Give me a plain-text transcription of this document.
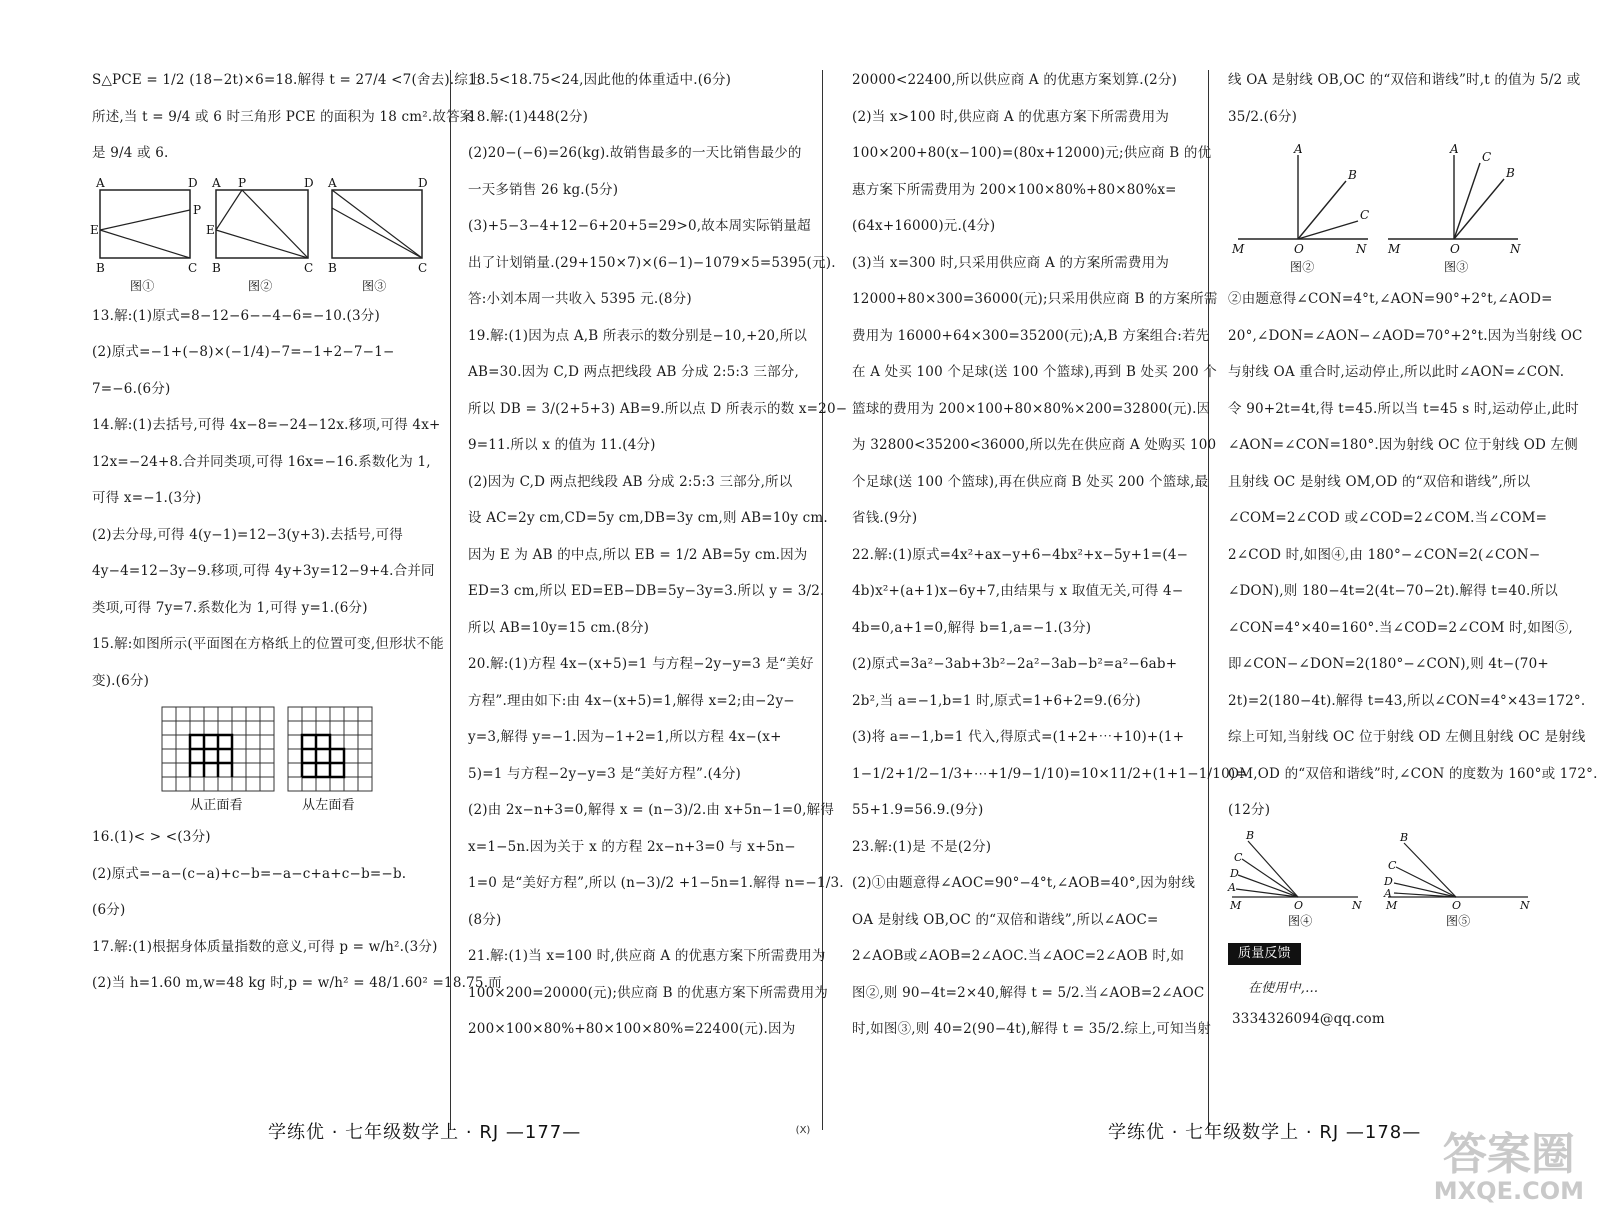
S△PCE = 1/2 (18−2t)×6=18.解得 t = 27/4 <7(舍去).综上

所述,当 t = 9/4 或 6 时三角形 PCE 的面积为 18 cm².故答案

是 9/4 或 6.

A	D
E
P
B	C
图①
A P	D
E
B	C
图②
A	D
B	C
图③

13.解:(1)原式=8−12−6−−4−6=−10.(3分)

(2)原式=−1+(−8)×(−1/4)−7=−1+2−7−1−

7=−6.(6分)

14.解:(1)去括号,可得 4x−8=−24−12x.移项,可得 4x+

12x=−24+8.合并同类项,可得 16x=−16.系数化为 1,

可得 x=−1.(3分)

(2)去分母,可得 4(y−1)=12−3(y+3).去括号,可得

4y−4=12−3y−9.移项,可得 4y+3y=12−9+4.合并同

类项,可得 7y=7.系数化为 1,可得 y=1.(6分)

15.解:如图所示(平面图在方格纸上的位置可变,但形状不能

变).(6分)

从正面看	从左面看

16.(1)< > <(3分)

(2)原式=−a−(c−a)+c−b=−a−c+a+c−b=−b.

(6分)

17.解:(1)根据身体质量指数的意义,可得 p = w/h².(3分)

(2)当 h=1.60 m,w=48 kg 时,p = w/h² = 48/1.60² =18.75.而

18.5<18.75<24,因此他的体重适中.(6分)

18.解:(1)448(2分)

(2)20−(−6)=26(kg).故销售最多的一天比销售最少的

一天多销售 26 kg.(5分)

(3)+5−3−4+12−6+20+5=29>0,故本周实际销量超

出了计划销量.(29+150×7)×(6−1)−1079×5=5395(元).

答:小刘本周一共收入 5395 元.(8分)

19.解:(1)因为点 A,B 所表示的数分别是−10,+20,所以

AB=30.因为 C,D 两点把线段 AB 分成 2:5:3 三部分,

所以 DB = 3/(2+5+3) AB=9.所以点 D 所表示的数 x=20−

9=11.所以 x 的值为 11.(4分)

(2)因为 C,D 两点把线段 AB 分成 2:5:3 三部分,所以

设 AC=2y cm,CD=5y cm,DB=3y cm,则 AB=10y cm.

因为 E 为 AB 的中点,所以 EB = 1/2 AB=5y cm.因为

ED=3 cm,所以 ED=EB−DB=5y−3y=3.所以 y = 3/2.

所以 AB=10y=15 cm.(8分)

20.解:(1)方程 4x−(x+5)=1 与方程−2y−y=3 是“美好

方程”.理由如下:由 4x−(x+5)=1,解得 x=2;由−2y−

y=3,解得 y=−1.因为−1+2=1,所以方程 4x−(x+

5)=1 与方程−2y−y=3 是“美好方程”.(4分)

(2)由 2x−n+3=0,解得 x = (n−3)/2.由 x+5n−1=0,解得

x=1−5n.因为关于 x 的方程 2x−n+3=0 与 x+5n−

1=0 是“美好方程”,所以 (n−3)/2 +1−5n=1.解得 n=−1/3.

(8分)

21.解:(1)当 x=100 时,供应商 A 的优惠方案下所需费用为

100×200=20000(元);供应商 B 的优惠方案下所需费用为

200×100×80%+80×100×80%=22400(元).因为

20000<22400,所以供应商 A 的优惠方案划算.(2分)

(2)当 x>100 时,供应商 A 的优惠方案下所需费用为

100×200+80(x−100)=(80x+12000)元;供应商 B 的优

惠方案下所需费用为 200×100×80%+80×80%x=

(64x+16000)元.(4分)

(3)当 x=300 时,只采用供应商 A 的方案所需费用为

12000+80×300=36000(元);只采用供应商 B 的方案所需

费用为 16000+64×300=35200(元);A,B 方案组合:若先

在 A 处买 100 个足球(送 100 个篮球),再到 B 处买 200 个

篮球的费用为 200×100+80×80%×200=32800(元).因

为 32800<35200<36000,所以先在供应商 A 处购买 100

个足球(送 100 个篮球),再在供应商 B 处买 200 个篮球,最

省钱.(9分)

22.解:(1)原式=4x²+ax−y+6−4bx²+x−5y+1=(4−

4b)x²+(a+1)x−6y+7,由结果与 x 取值无关,可得 4−

4b=0,a+1=0,解得 b=1,a=−1.(3分)

(2)原式=3a²−3ab+3b²−2a²−3ab−b²=a²−6ab+

2b²,当 a=−1,b=1 时,原式=1+6+2=9.(6分)

(3)将 a=−1,b=1 代入,得原式=(1+2+⋯+10)+(1+

1−1/2+1/2−1/3+⋯+1/9−1/10)=10×11/2+(1+1−1/10)=

55+1.9=56.9.(9分)

23.解:(1)是 不是(2分)

(2)①由题意得∠AOC=90°−4°t,∠AOB=40°,因为射线

OA 是射线 OB,OC 的“双倍和谐线”,所以∠AOC=

2∠AOB或∠AOB=2∠AOC.当∠AOC=2∠AOB 时,如

图②,则 90−4t=2×40,解得 t = 5/2.当∠AOB=2∠AOC

时,如图③,则 40=2(90−4t),解得 t = 35/2.综上,可知当射

线 OA 是射线 OB,OC 的“双倍和谐线”时,t 的值为 5/2 或

35/2.(6分)

M	O	N
A
B
C
M	O	N
A
C
B
图②	图③

②由题意得∠CON=4°t,∠AON=90°+2°t,∠AOD=

20°,∠DON=∠AON−∠AOD=70°+2°t.因为当射线 OC

与射线 OA 重合时,运动停止,所以此时∠AON=∠CON.

令 90+2t=4t,得 t=45.所以当 t=45 s 时,运动停止,此时

∠AON=∠CON=180°.因为射线 OC 位于射线 OD 左侧

且射线 OC 是射线 OM,OD 的“双倍和谐线”,所以

∠COM=2∠COD 或∠COD=2∠COM.当∠COM=

2∠COD 时,如图④,由 180°−∠CON=2(∠CON−

∠DON),则 180−4t=2(4t−70−2t).解得 t=40.所以

∠CON=4°×40=160°.当∠COD=2∠COM 时,如图⑤,

即∠CON−∠DON=2(180°−∠CON),则 4t−(70+

2t)=2(180−4t).解得 t=43,所以∠CON=4°×43=172°.

综上可知,当射线 OC 位于射线 OD 左侧且射线 OC 是射线

OM,OD 的“双倍和谐线”时,∠CON 的度数为 160°或 172°.

(12分)

B
C
D
A
M	O	N
B
C
D
A
M	O	N
图④	图⑤
质量反馈

在使用中,…

3334326094@qq.com

学练优 · 七年级数学上 · RJ —177—	(X)	学练优 · 七年级数学上 · RJ —178— 答案圈
MXQE.COM
